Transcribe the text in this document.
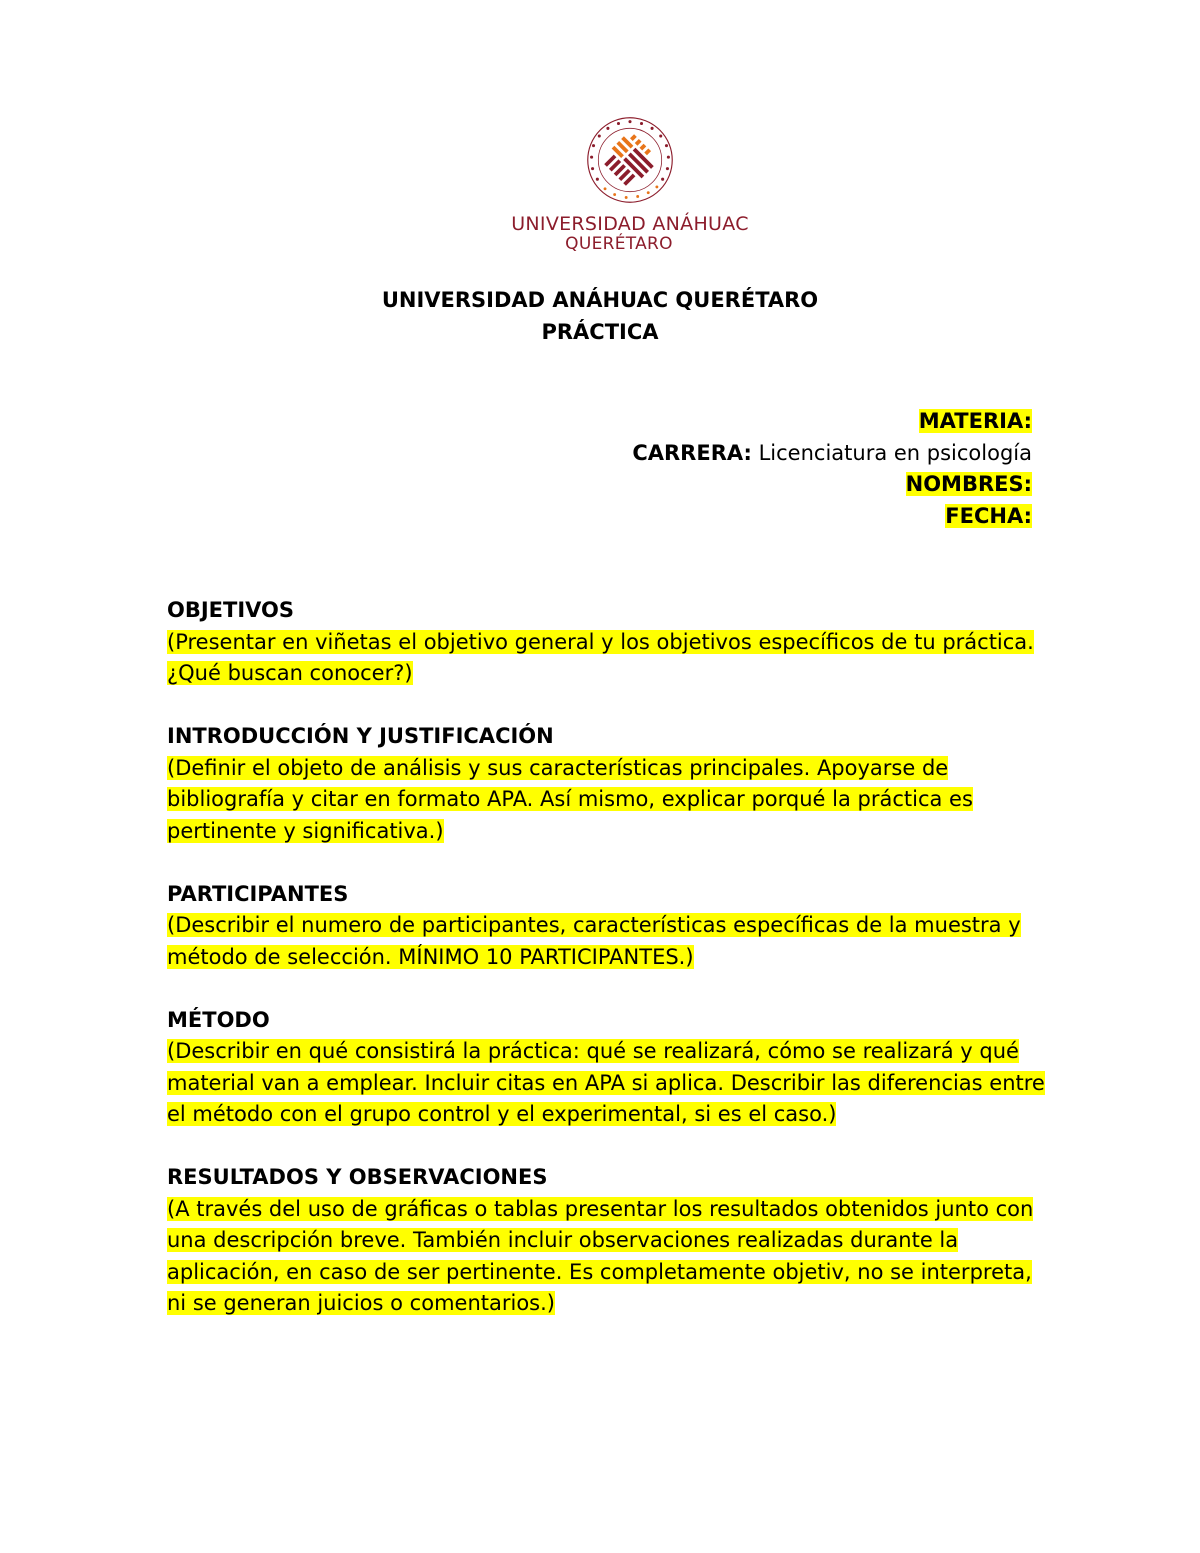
UNIVERSIDAD ANÁHUAC
QUERÉTARO
UNIVERSIDAD ANÁHUAC QUERÉTARO
PRÁCTICA
MATERIA:
CARRERA: Licenciatura en psicología
NOMBRES:
FECHA:
OBJETIVOS

(Presentar en viñetas el objetivo general y los objetivos específicos de tu práctica. ¿Qué buscan conocer?)

INTRODUCCIÓN Y JUSTIFICACIÓN

(Definir el objeto de análisis y sus características principales. Apoyarse de bibliografía y citar en formato APA. Así mismo, explicar porqué la práctica es pertinente y significativa.)

PARTICIPANTES

(Describir el numero de participantes, características específicas de la muestra y método de selección. MÍNIMO 10 PARTICIPANTES.)

MÉTODO

(Describir en qué consistirá la práctica: qué se realizará, cómo se realizará y qué material van a emplear. Incluir citas en APA si aplica. Describir las diferencias entre el método con el grupo control y el experimental, si es el caso.)

RESULTADOS Y OBSERVACIONES

(A través del uso de gráficas o tablas presentar los resultados obtenidos junto con una descripción breve. También incluir observaciones realizadas durante la aplicación, en caso de ser pertinente. Es completamente objetiv, no se interpreta, ni se generan juicios o comentarios.)
